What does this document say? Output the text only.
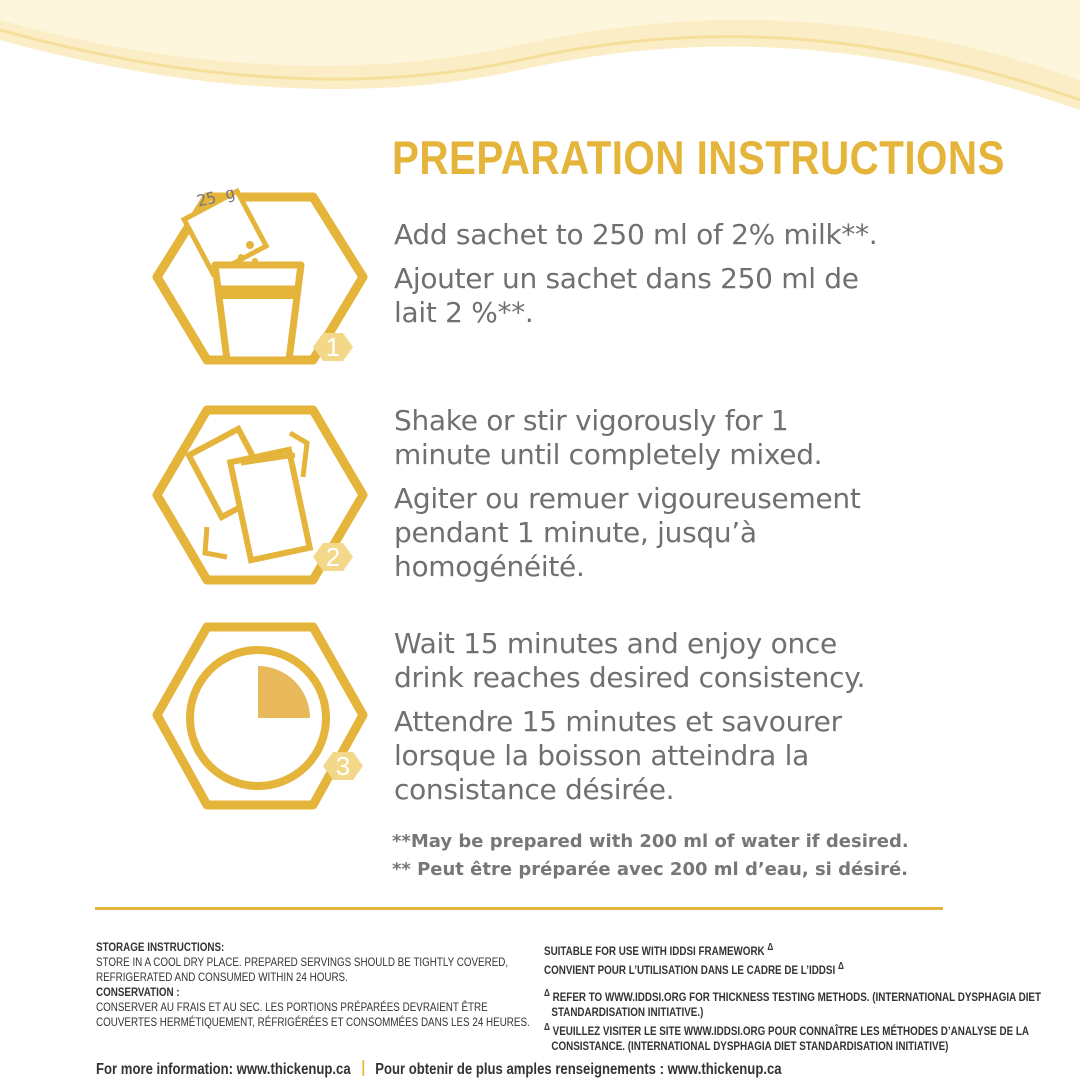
PREPARATION INSTRUCTIONS
25 g
1

Add sachet to 250 ml of 2% milk**.

Ajouter un sachet dans 250 ml de lait 2 %**.

2

Shake or stir vigorously for 1 minute until completely mixed.

Agiter ou remuer vigoureusement pendant 1 minute, jusqu’à homogénéité.

3

Wait 15 minutes and enjoy once drink reaches desired consistency.

Attendre 15 minutes et savourer lorsque la boisson atteindra la consistance désirée.

**May be prepared with 200 ml of water if desired.

** Peut être préparée avec 200 ml d’eau, si désiré.

STORAGE INSTRUCTIONS:

STORE IN A COOL DRY PLACE. PREPARED SERVINGS SHOULD BE TIGHTLY COVERED,

REFRIGERATED AND CONSUMED WITHIN 24 HOURS.

CONSERVATION :

CONSERVER AU FRAIS ET AU SEC. LES PORTIONS PRÉPARÉES DEVRAIENT ÊTRE

COUVERTES HERMÉTIQUEMENT, RÉFRIGÉRÉES ET CONSOMMÉES DANS LES 24 HEURES.

SUITABLE FOR USE WITH IDDSI FRAMEWORK $^\Delta$

CONVIENT POUR L’UTILISATION DANS LE CADRE DE L’IDDSI $^\Delta$

$^\Delta$ REFER TO WWW.IDDSI.ORG FOR THICKNESS TESTING METHODS. (INTERNATIONAL DYSPHAGIA DIET

STANDARDISATION INITIATIVE.)

$^\Delta$ VEUILLEZ VISITER LE SITE WWW.IDDSI.ORG POUR CONNAÎTRE LES MÉTHODES D’ANALYSE DE LA

CONSISTANCE. (INTERNATIONAL DYSPHAGIA DIET STANDARDISATION INITIATIVE)

For more information: www.thickenup.ca Pour obtenir de plus amples renseignements : www.thickenup.ca
